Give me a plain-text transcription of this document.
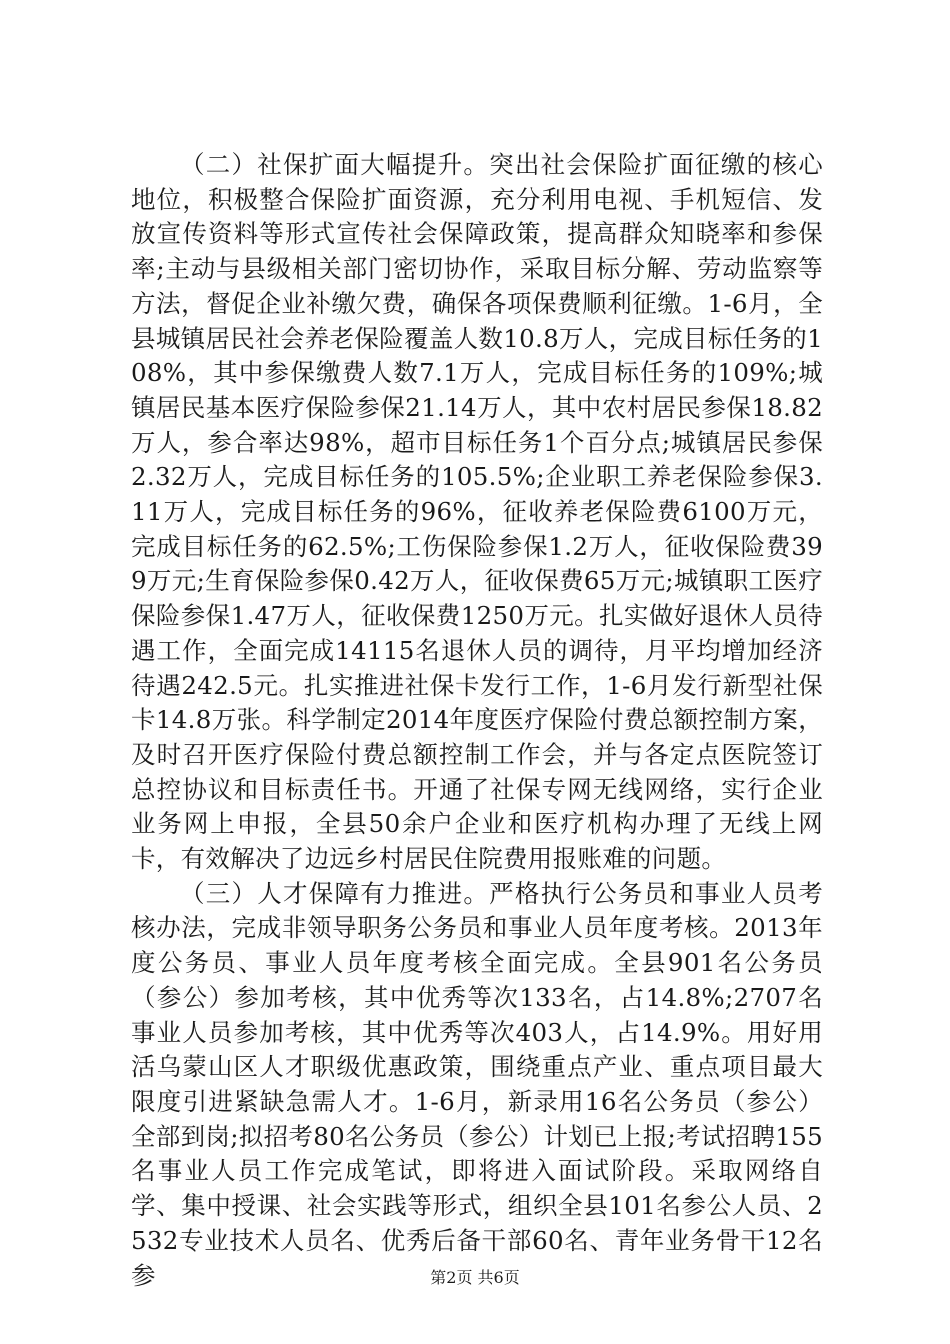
（二）社保扩面大幅提升。突出社会保险扩面征缴的核心地位，积极整合保险扩面资源，充分利用电视、手机短信、发放宣传资料等形式宣传社会保障政策，提高群众知晓率和参保率;主动与县级相关部门密切协作，采取目标分解、劳动监察等方法，督促企业补缴欠费，确保各项保费顺利征缴。1-6月，全县城镇居民社会养老保险覆盖人数10.8万人，完成目标任务的108%，其中参保缴费人数7.1万人，完成目标任务的109%;城镇居民基本医疗保险参保21.14万人，其中农村居民参保18.82万人，参合率达98%，超市目标任务1个百分点;城镇居民参保2.32万人，完成目标任务的105.5%;企业职工养老保险参保3.11万人，完成目标任务的96%，征收养老保险费6100万元，完成目标任务的62.5%;工伤保险参保1.2万人，征收保险费399万元;生育保险参保0.42万人，征收保费65万元;城镇职工医疗保险参保1.47万人，征收保费1250万元。扎实做好退休人员待遇工作，全面完成14115名退休人员的调待，月平均增加经济待遇242.5元。扎实推进社保卡发行工作，1-6月发行新型社保卡14.8万张。科学制定2014年度医疗保险付费总额控制方案，及时召开医疗保险付费总额控制工作会，并与各定点医院签订总控协议和目标责任书。开通了社保专网无线网络，实行企业业务网上申报，全县50余户企业和医疗机构办理了无线上网卡，有效解决了边远乡村居民住院费用报账难的问题。

（三）人才保障有力推进。严格执行公务员和事业人员考核办法，完成非领导职务公务员和事业人员年度考核。2013年度公务员、事业人员年度考核全面完成。全县901名公务员（参公）参加考核，其中优秀等次133名，占14.8%;2707名事业人员参加考核，其中优秀等次403人，占14.9%。用好用活乌蒙山区人才职级优惠政策，围绕重点产业、重点项目最大限度引进紧缺急需人才。1-6月，新录用16名公务员（参公）全部到岗;拟招考80名公务员（参公）计划已上报;考试招聘155名事业人员工作完成笔试，即将进入面试阶段。采取网络自学、集中授课、社会实践等形式，组织全县101名参公人员、2532专业技术人员名、优秀后备干部60名、青年业务骨干12名参	第2页 共6页
